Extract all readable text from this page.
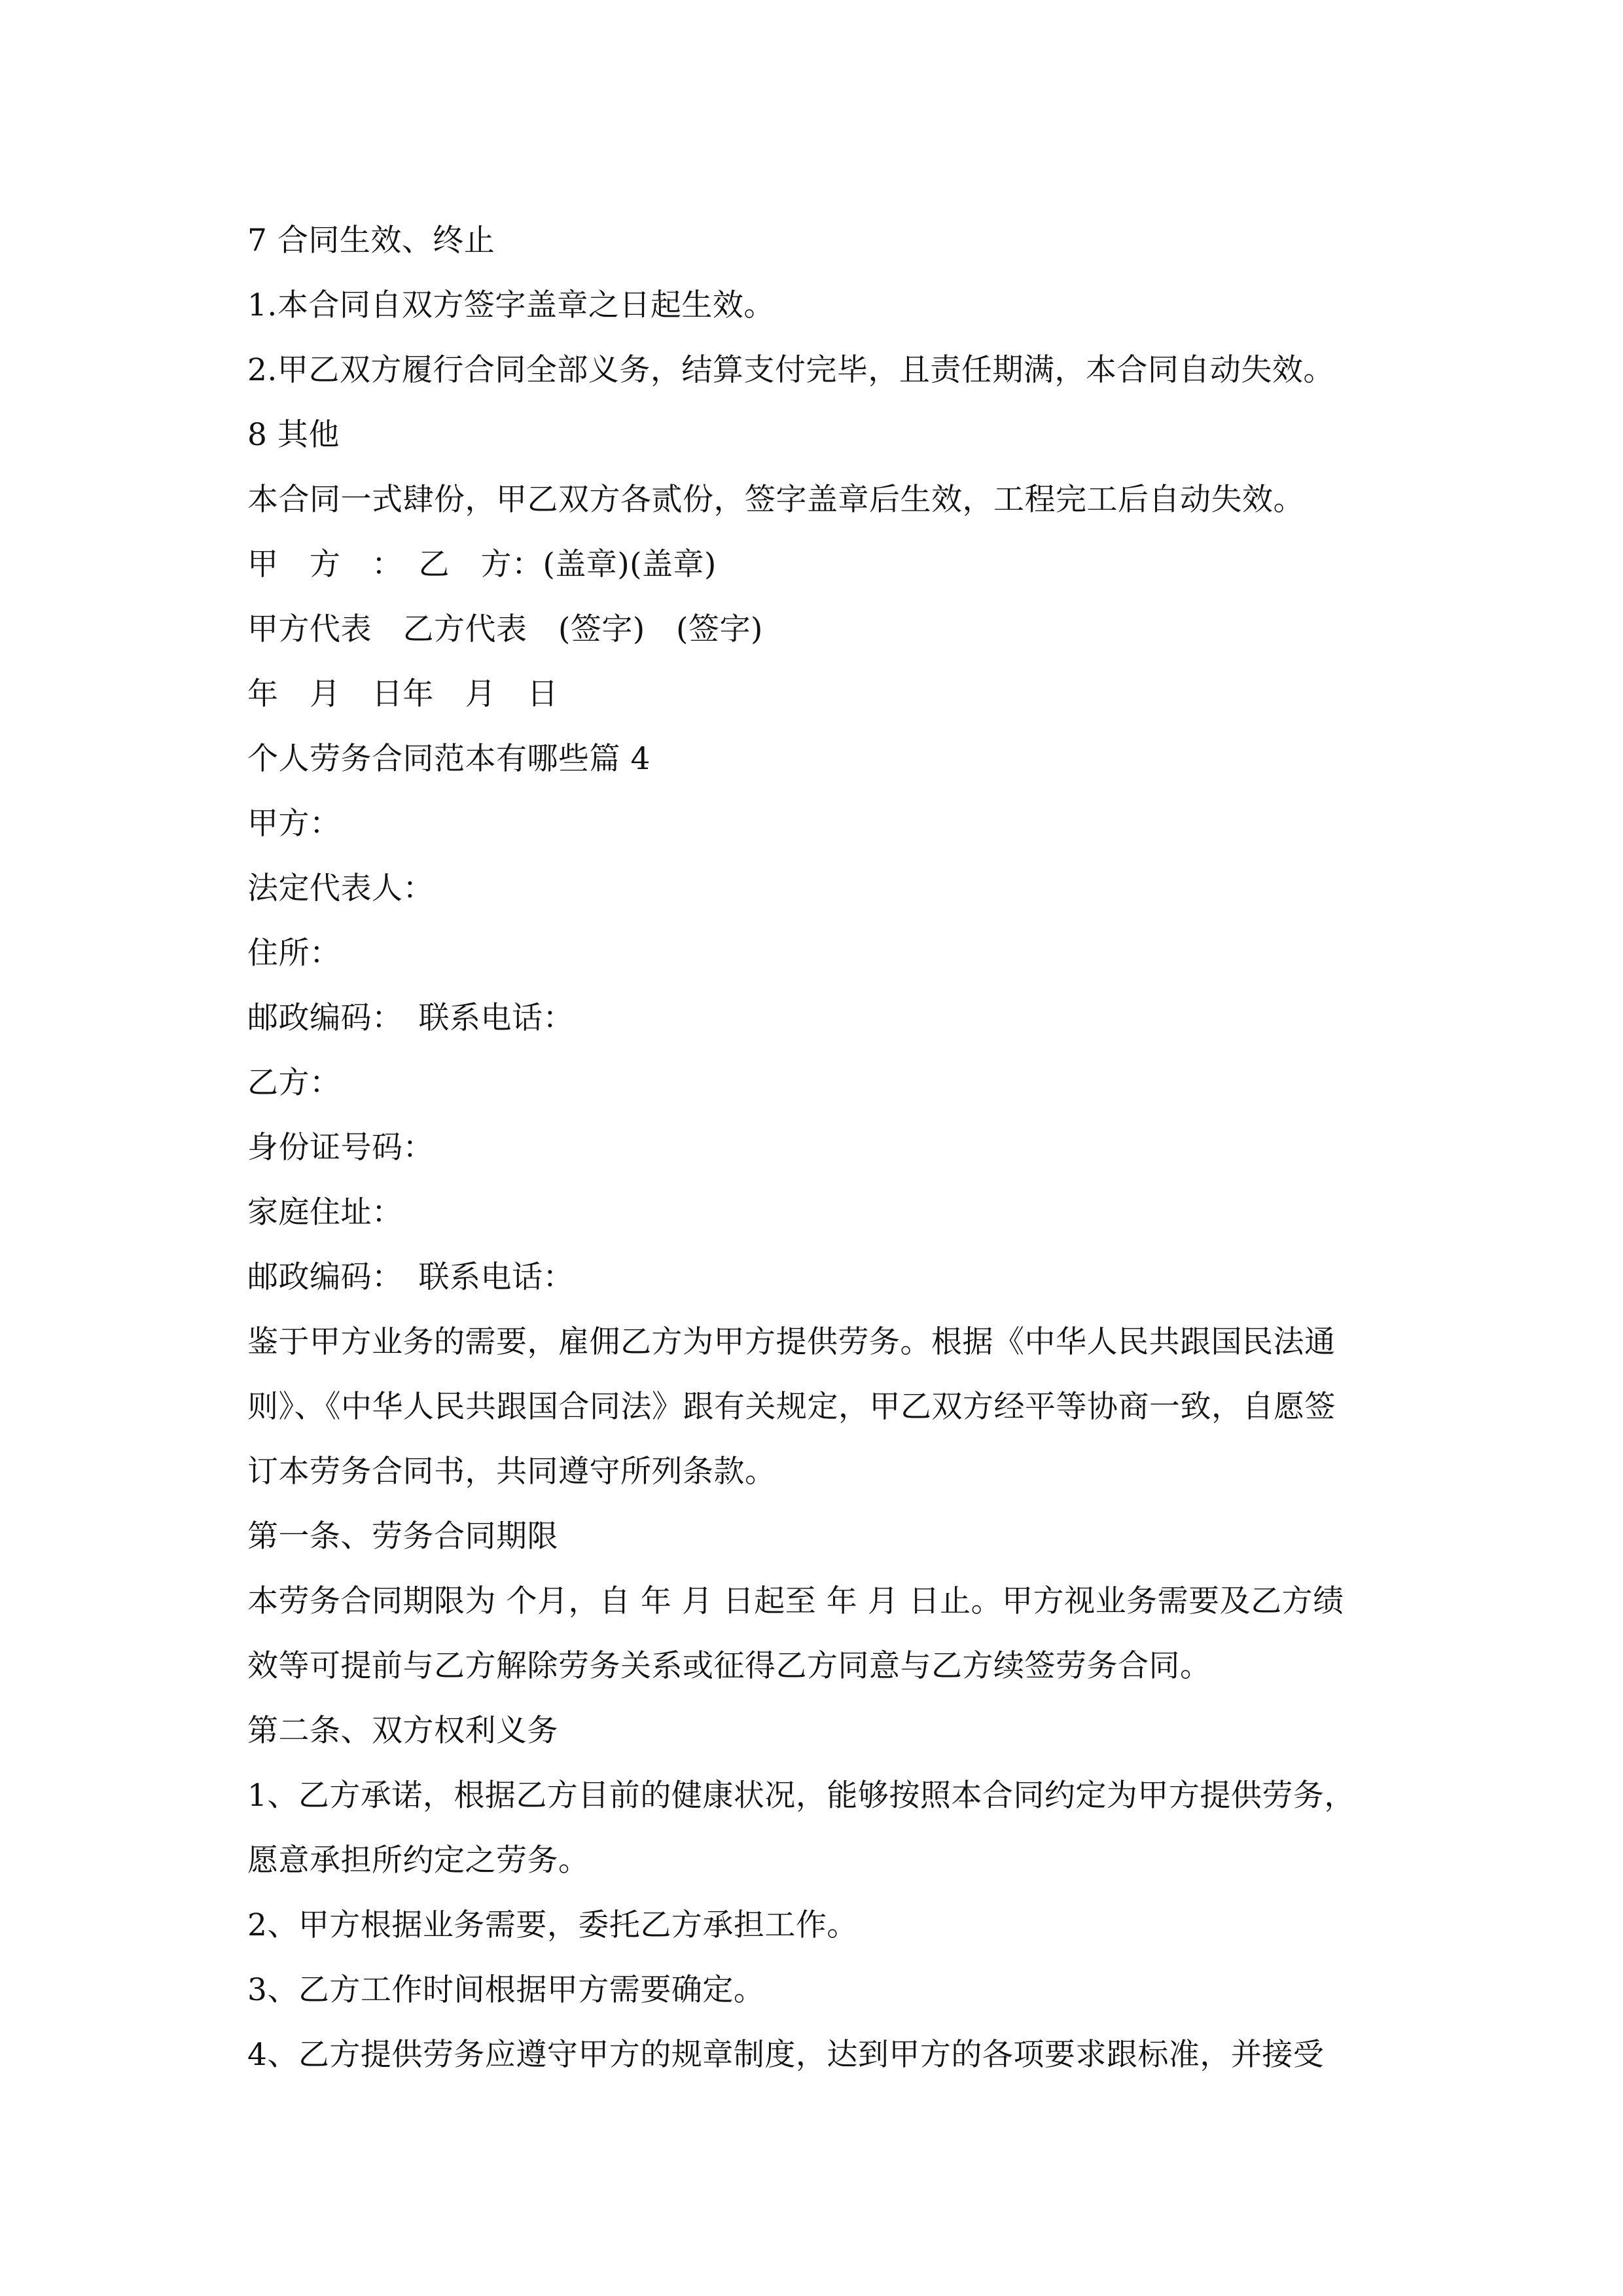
7 合同生效、终止
1.本合同自双方签字盖章之日起生效。
2.甲乙双方履行合同全部义务，结算支付完毕，且责任期满，本合同自动失效。
8 其他
本合同一式肆份，甲乙双方各贰份，签字盖章后生效，工程完工后自动失效。
甲　方　：　乙　方：(盖章)(盖章)
甲方代表　乙方代表　(签字)　(签字)
年　月　日年　月　日
个人劳务合同范本有哪些篇 4
甲方：
法定代表人：
住所：
邮政编码：　联系电话：
乙方：
身份证号码：
家庭住址：
邮政编码：　联系电话：
鉴于甲方业务的需要，雇佣乙方为甲方提供劳务。根据《中华人民共跟国民法通
则》、《中华人民共跟国合同法》跟有关规定，甲乙双方经平等协商一致，自愿签
订本劳务合同书，共同遵守所列条款。
第一条、劳务合同期限
本劳务合同期限为 个月，自 年 月 日起至 年 月 日止。甲方视业务需要及乙方绩
效等可提前与乙方解除劳务关系或征得乙方同意与乙方续签劳务合同。
第二条、双方权利义务
1、乙方承诺，根据乙方目前的健康状况，能够按照本合同约定为甲方提供劳务，
愿意承担所约定之劳务。
2、甲方根据业务需要，委托乙方承担工作。
3、乙方工作时间根据甲方需要确定。
4、乙方提供劳务应遵守甲方的规章制度，达到甲方的各项要求跟标准，并接受
